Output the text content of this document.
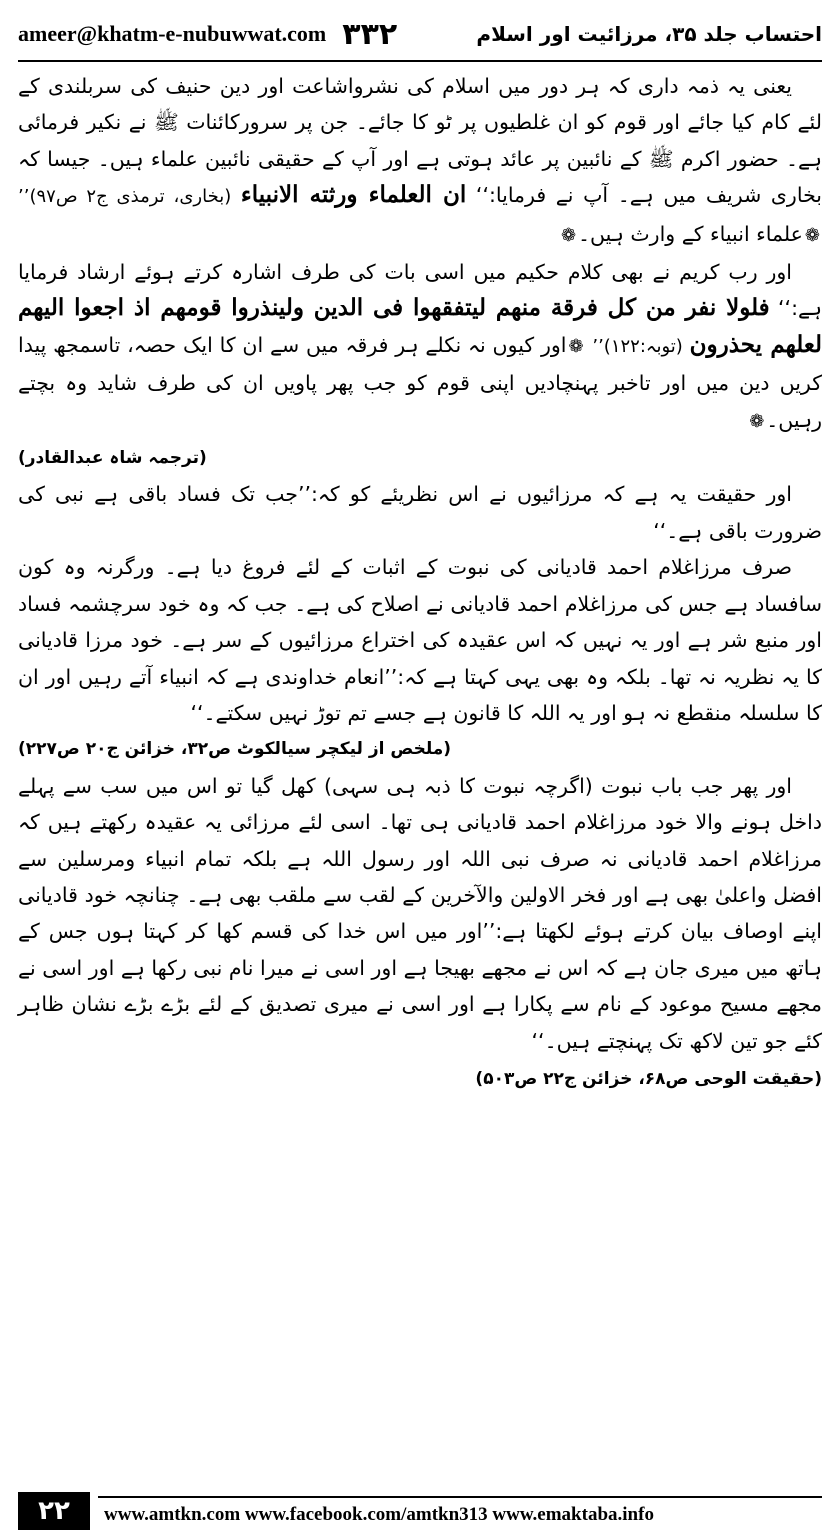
ameer@khatm-e-nubuwwat.com ۳۳۲	احتساب جلد ۳۵، مرزائیت اور اسلام

یعنی یہ ذمہ داری کہ ہر دور میں اسلام کی نشرواشاعت اور دین حنیف کی سربلندی کے لئے کام کیا جائے اور قوم کو ان غلطیوں پر ٹو کا جائے۔ جن پر سرورکائنات ﷺ نے نکیر فرمائی ہے۔ حضور اکرم ﷺ کے نائبین پر عائد ہوتی ہے اور آپ کے حقیقی نائبین علماء ہیں۔ جیسا کہ بخاری شریف میں ہے۔ آپ نے فرمایا:‘‘ ان العلماء ورثته الانبیاء (بخاری، ترمذی ج۲ ص۹۷)’’ ❁علماء انبیاء کے وارث ہیں۔❁

اور رب کریم نے بھی کلام حکیم میں اسی بات کی طرف اشارہ کرتے ہوئے ارشاد فرمایا ہے:‘‘ فلولا نفر من کل فرقة منھم لیتفقھوا فی الدین ولینذروا قومھم اذ اجعوا الیھم لعلھم یحذرون (توبہ:۱۲۲)’’ ❁اور کیوں نہ نکلے ہر فرقہ میں سے ان کا ایک حصہ، تاسمجھ پیدا کریں دین میں اور تاخبر پہنچادیں اپنی قوم کو جب پھر پاویں ان کی طرف شاید وہ بچتے رہیں۔❁

(ترجمہ شاہ عبدالقادر)

اور حقیقت یہ ہے کہ مرزائیوں نے اس نظریئے کو کہ:’’جب تک فساد باقی ہے نبی کی ضرورت باقی ہے۔‘‘

صرف مرزاغلام احمد قادیانی کی نبوت کے اثبات کے لئے فروغ دیا ہے۔ ورگرنہ وہ کون سافساد ہے جس کی مرزاغلام احمد قادیانی نے اصلاح کی ہے۔ جب کہ وہ خود سرچشمہ فساد اور منبع شر ہے اور یہ نہیں کہ اس عقیدہ کی اختراع مرزائیوں کے سر ہے۔ خود مرزا قادیانی کا یہ نظریہ نہ تھا۔ بلکہ وہ بھی یہی کہتا ہے کہ:’’انعام خداوندی ہے کہ انبیاء آتے رہیں اور ان کا سلسلہ منقطع نہ ہو اور یہ اللہ کا قانون ہے جسے تم توڑ نہیں سکتے۔‘‘

(ملخص از لیکچر سیالکوٹ ص۳۲، خزائن ج۲۰ ص۲۲۷)

اور پھر جب باب نبوت (اگرچہ نبوت کا ذبہ ہی سہی) کھل گیا تو اس میں سب سے پہلے داخل ہونے والا خود مرزاغلام احمد قادیانی ہی تھا۔ اسی لئے مرزائی یہ عقیدہ رکھتے ہیں کہ مرزاغلام احمد قادیانی نہ صرف نبی اللہ اور رسول اللہ ہے بلکہ تمام انبیاء ومرسلین سے افضل واعلیٰ بھی ہے اور فخر الاولین والآخرین کے لقب سے ملقب بھی ہے۔ چنانچہ خود قادیانی اپنے اوصاف بیان کرتے ہوئے لکھتا ہے:’’اور میں اس خدا کی قسم کھا کر کہتا ہوں جس کے ہاتھ میں میری جان ہے کہ اس نے مجھے بھیجا ہے اور اسی نے میرا نام نبی رکھا ہے اور اسی نے مجھے مسیح موعود کے نام سے پکارا ہے اور اسی نے میری تصدیق کے لئے بڑے بڑے نشان ظاہر کئے جو تین لاکھ تک پہنچتے ہیں۔‘‘

(حقیقت الوحی ص۶۸، خزائن ج۲۲ ص۵۰۳)

۲۲	www.amtkn.com www.facebook.com/amtkn313 www.emaktaba.info
